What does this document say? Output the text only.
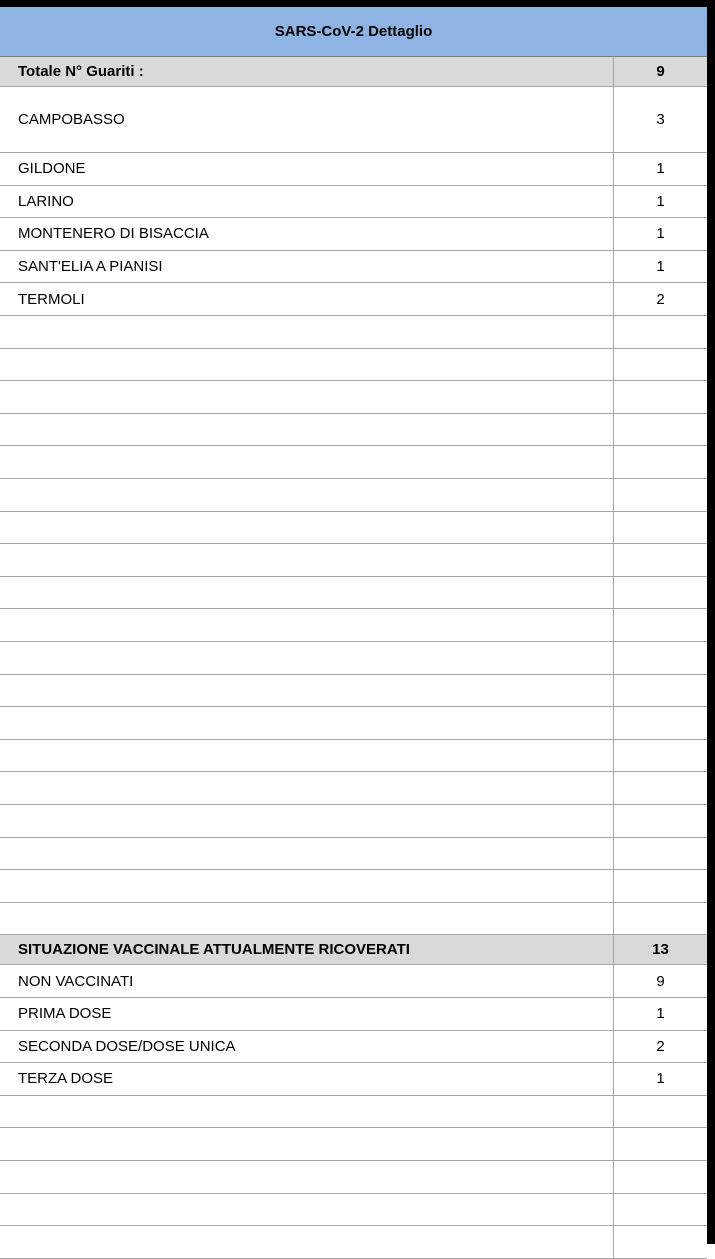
SARS-CoV-2 Dettaglio
Totale N° Guariti :	9
CAMPOBASSO	3
GILDONE	1
LARINO	1
MONTENERO DI BISACCIA	1
SANT'ELIA A PIANISI	1
TERMOLI	2
SITUAZIONE VACCINALE ATTUALMENTE RICOVERATI	13
NON VACCINATI	9
PRIMA DOSE	1
SECONDA DOSE/DOSE UNICA	2
TERZA DOSE	1
